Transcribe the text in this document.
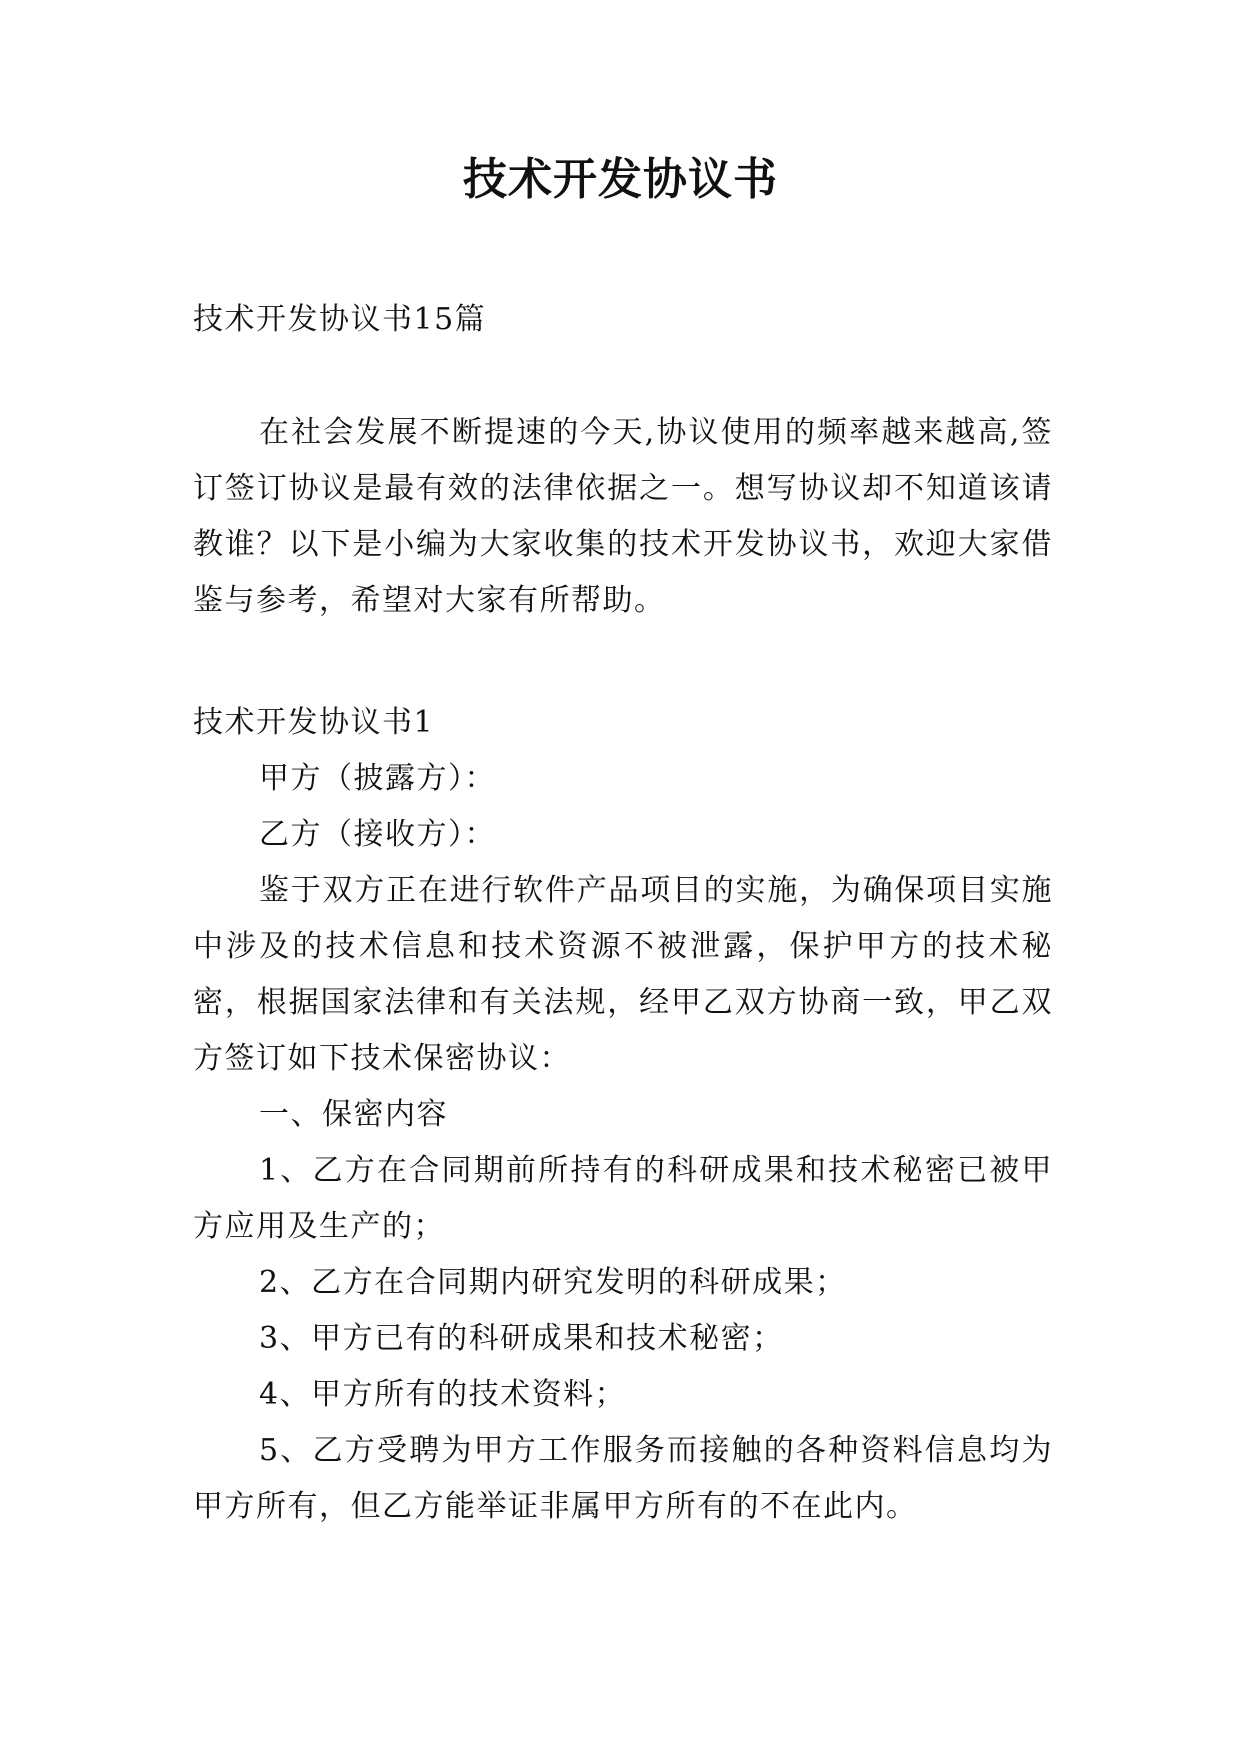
技术开发协议书
技术开发协议书15篇

在社会发展不断提速的今天,协议使用的频率越来越高,签订签订协议是最有效的法律依据之一。想写协议却不知道该请教谁？以下是小编为大家收集的技术开发协议书，欢迎大家借鉴与参考，希望对大家有所帮助。

技术开发协议书1

甲方（披露方）：

乙方（接收方）：

鉴于双方正在进行软件产品项目的实施，为确保项目实施中涉及的技术信息和技术资源不被泄露，保护甲方的技术秘密，根据国家法律和有关法规，经甲乙双方协商一致，甲乙双方签订如下技术保密协议：

一、保密内容

1、乙方在合同期前所持有的科研成果和技术秘密已被甲方应用及生产的；

2、乙方在合同期内研究发明的科研成果；

3、甲方已有的科研成果和技术秘密；

4、甲方所有的技术资料；

5、乙方受聘为甲方工作服务而接触的各种资料信息均为甲方所有，但乙方能举证非属甲方所有的不在此内。
